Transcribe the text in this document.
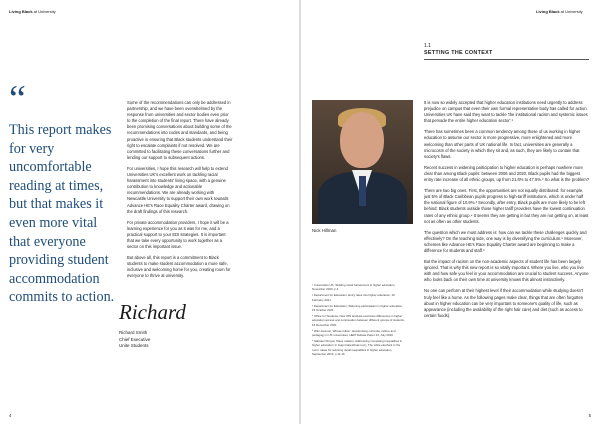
Living Black at University
“
This report makes for very uncomfortable reading at times, but that makes it even more vital that everyone providing student accommodation commits to action.

Some of the recommendations can only be addressed in partnership, and we have been overwhelmed by the response from universities and sector bodies even prior to the completion of the final report. There have already been promising conversations about building some of the recommendations into codes and standards, and being proactive in ensuring that Black students understand their right to escalate complaints if not resolved. We are committed to facilitating these conversations further and lending our support to subsequent actions.

For universities, I hope this research will help to extend Universities UK's excellent work on tackling racial harassment into students' living space, with a genuine contribution to knowledge and actionable recommendations. We are already working with Newcastle University to support their own work towards Advance HE's Race Equality Charter award, drawing on the draft findings of this research.

For private accommodation providers, I hope it will be a learning experience for you as it was for me, and a practical support to your EDI strategies. It is important that we take every opportunity to work together as a sector on this important issue.

But above all, this report is a commitment to Black students to make student accommodation a more safe, inclusive and welcoming home for you, creating room for everyone to thrive at university.

Richard
Richard Smith
Chief Executive
Unite Students
4
Living Black at University
Nick Hillman

¹ Universities UK, Tackling racial harassment in higher education, November 2020, p.4.

² Department for Education, Entry rates into higher education, 16 February 2021

³ Department for Education, Widening participation in higher education, 15 October 2021

⁴ Office for Students, New OfS analysis examines differences in higher education access and continuation between different groups of students, 16 December 2021

⁵ Wiki Jonsson, Whose tuition: decolonising curricula, culture and pedagogy in UK universities, HEPI Debate Paper 23, July 2020

⁶ Sabaani Wroyal, 'Race matters: Addressing competing inequalities in higher education' in Hugo Dale-Rivas (ed.), The white elephant in the room: ideas for reducing racial inequalities in higher education, September 2019, p.11-16

1.1
SETTING THE CONTEXT

It is now so widely accepted that higher education institutions need urgently to address prejudice on campus that even their own formal representative body has called for action. Universities UK have said they want to tackle 'the institutional racism and systemic issues that pervade the entire higher education sector'.¹

There has sometimes been a common tendency among those of us working in higher education to assume our sector is more progressive, more enlightened and more welcoming than other parts of UK national life. In fact, universities are generally a microcosm of the society in which they sit and, as such, they are likely to contain that society's flaws.

Recent success in widening participation to higher education is perhaps nowhere more clear than among Black pupils: between 2006 and 2020, Black pupils had the biggest entry rate increase of all ethnic groups, up from 21.6% to 47.5%.² So what is the problem?

There are two big ones. First, the opportunities are not equally distributed: for example, just 5% of Black Caribbean pupils progress to high-tariff institutions, which is under half the national figure of 10.9%.³ Secondly, after entry, Black pupils are more likely to be left behind: Black students outside those higher tariff providers have the lowest continuation rates of any ethnic group.⁴ It seems they are getting in but they are not getting on, at least not as often as other students.

The question which we must address is: how can we tackle these challenges quickly and effectively? On the teaching side, one way is by diversifying the curriculum.⁵ Moreover, schemes like Advance HE's Race Equality Charter award are beginning to make a difference for students and staff.⁶

But the impact of racism on the non-academic aspects of student life has been largely ignored. That is why this new report is so vitally important. Where you live, who you live with and how safe you feel in your accommodation are crucial to student success. Anyone who looks back on their own time at university knows this almost instinctively.

No one can perform at their highest level if their accommodation while studying doesn't truly feel like a home. As the following pages make clear, things that are often forgotten about in higher education can be very important to someone's quality of life, such as appearance (including the availability of the right hair care) and diet (such as access to certain foods).

5
